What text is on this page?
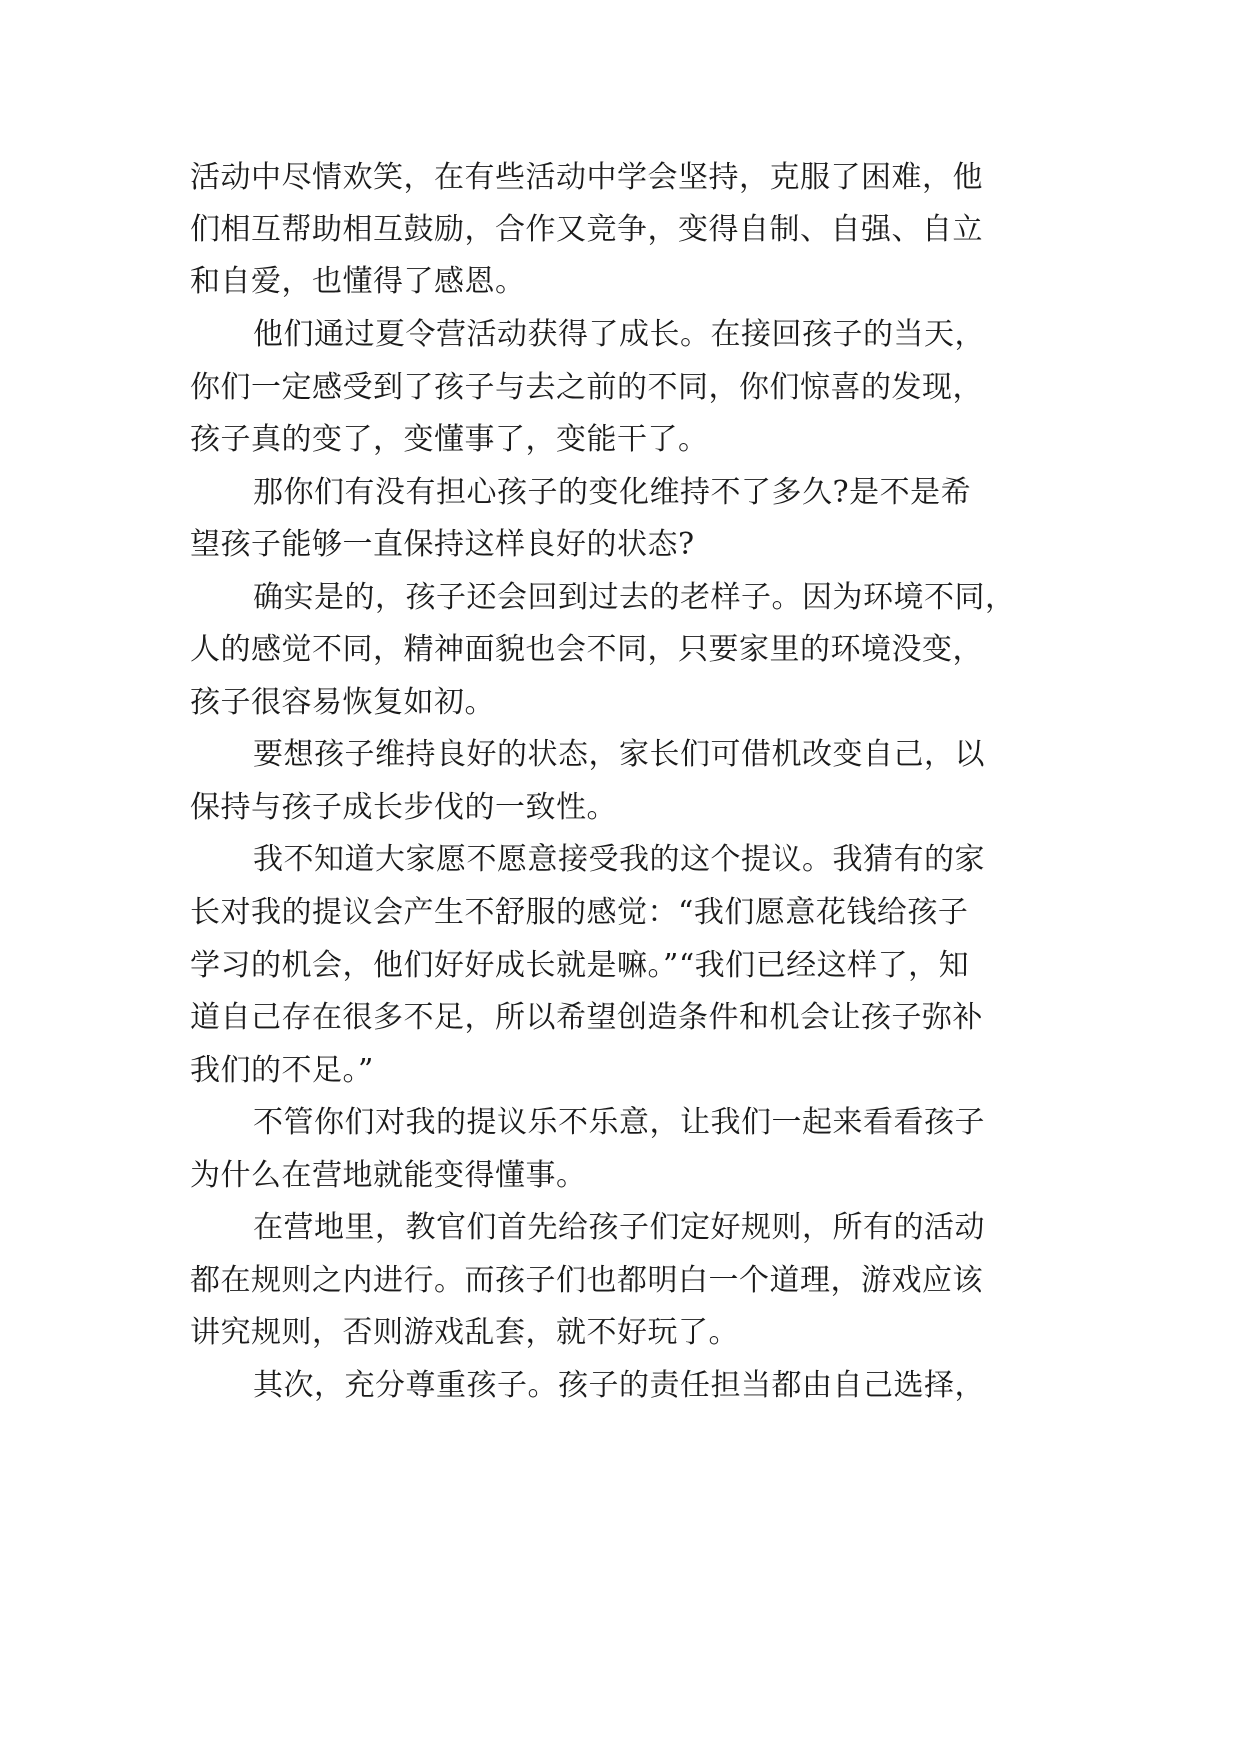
活动中尽情欢笑，在有些活动中学会坚持，克服了困难，他
们相互帮助相互鼓励，合作又竞争，变得自制、自强、自立
和自爱，也懂得了感恩。
他们通过夏令营活动获得了成长。在接回孩子的当天，
你们一定感受到了孩子与去之前的不同，你们惊喜的发现，
孩子真的变了，变懂事了，变能干了。
那你们有没有担心孩子的变化维持不了多久?是不是希
望孩子能够一直保持这样良好的状态?
确实是的，孩子还会回到过去的老样子。因为环境不同，
人的感觉不同，精神面貌也会不同，只要家里的环境没变，
孩子很容易恢复如初。
要想孩子维持良好的状态，家长们可借机改变自己，以
保持与孩子成长步伐的一致性。
我不知道大家愿不愿意接受我的这个提议。我猜有的家
长对我的提议会产生不舒服的感觉：“我们愿意花钱给孩子
学习的机会，他们好好成长就是嘛。”“我们已经这样了，知
道自己存在很多不足，所以希望创造条件和机会让孩子弥补
我们的不足。”
不管你们对我的提议乐不乐意，让我们一起来看看孩子
为什么在营地就能变得懂事。
在营地里，教官们首先给孩子们定好规则，所有的活动
都在规则之内进行。而孩子们也都明白一个道理，游戏应该
讲究规则，否则游戏乱套，就不好玩了。
其次，充分尊重孩子。孩子的责任担当都由自己选择，
